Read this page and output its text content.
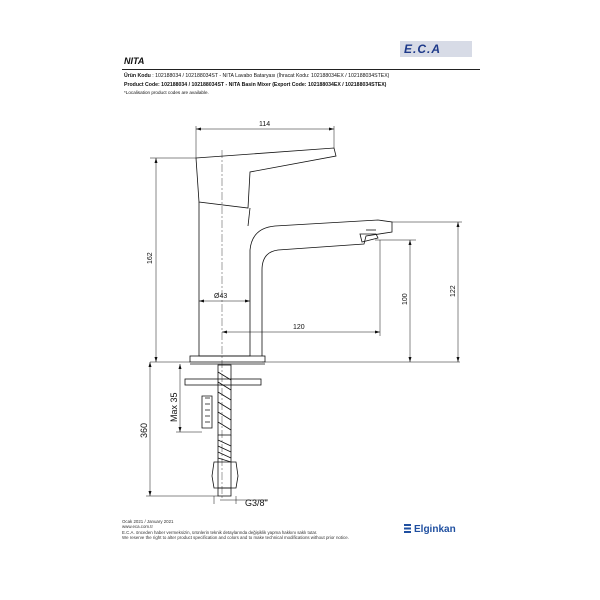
E.C.A
NITA
Ürün Kodu : 102188034 / 102188034ST - NITA Lavabo Bataryası (İhracat Kodu: 102188034EX / 102188034STEX)
Product Code: 102188034 / 102188034ST - NITA Basin Mixer (Export Code: 102188034EX / 102188034STEX)
*Localisation product codes are available.
114
162
Ø43
120
100
122
360
Max 35
G3/8"
Ocak 2021 / January 2021
www.eca.com.tr
E.C.A. önceden haber vermeksizin, ürünlerin teknik detaylarında değişiklik yapma hakkını saklı tutar.
We reserve the right to alter product specification and colors and to make technical modifications without prior notice.
Elginkan
